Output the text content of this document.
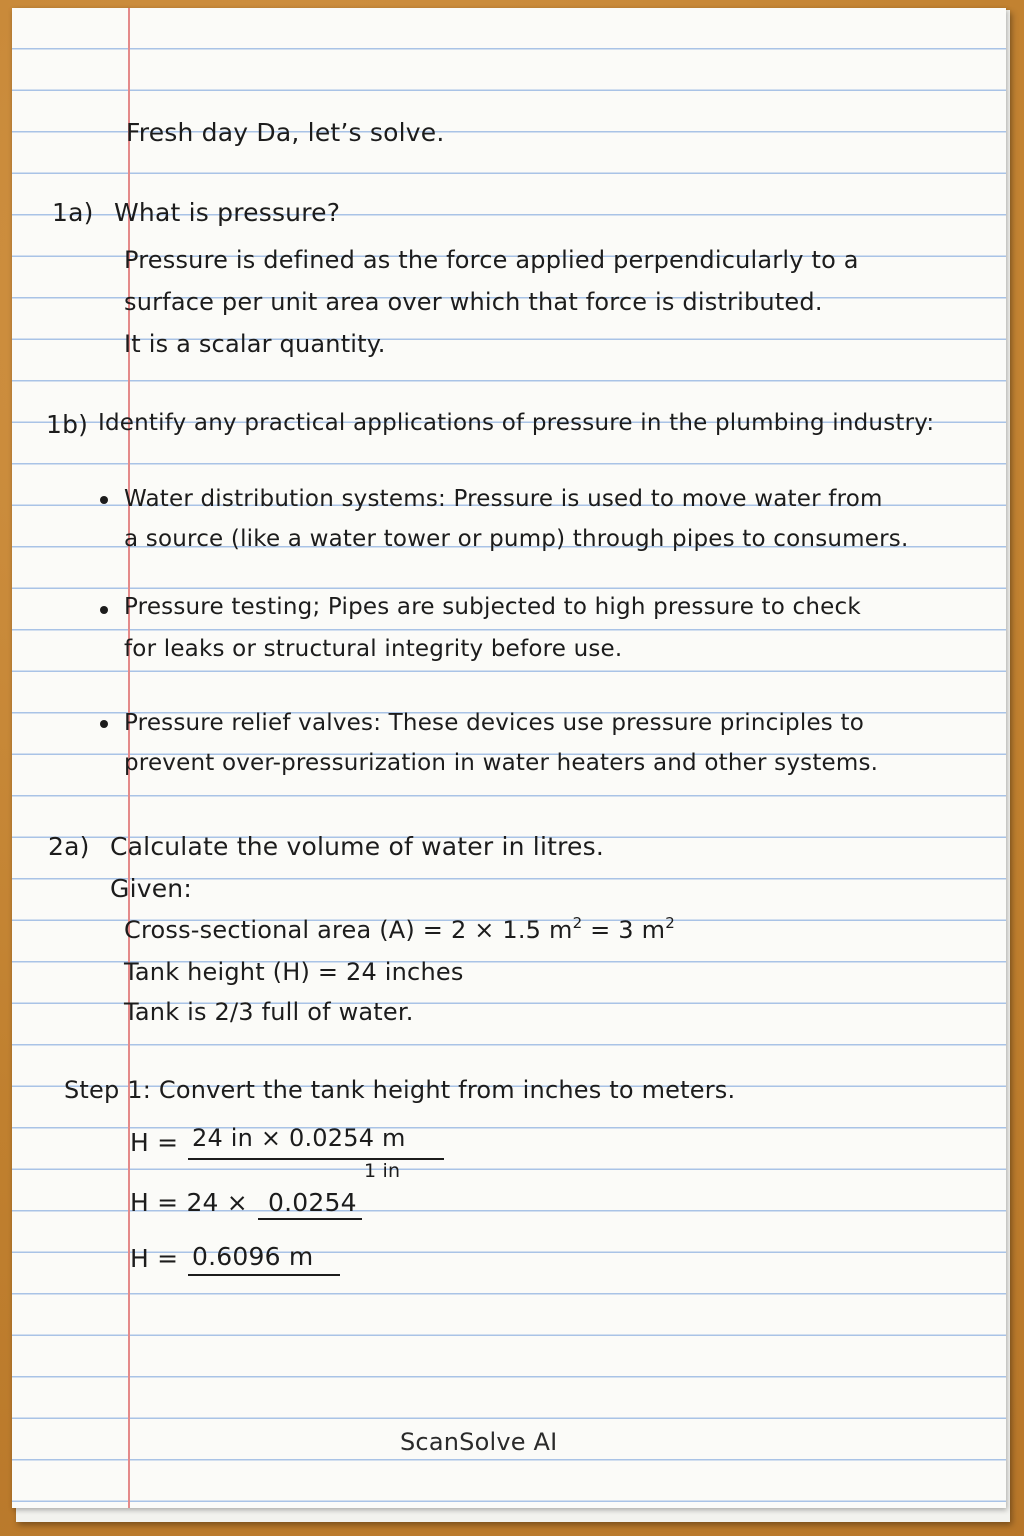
Fresh day Da, let’s solve.
1a) What is pressure?
Pressure is defined as the force applied perpendicularly to a
surface per unit area over which that force is distributed.
It is a scalar quantity.
1b) Identify any practical applications of pressure in the plumbing industry:
Water distribution systems: Pressure is used to move water from
a source (like a water tower or pump) through pipes to consumers.
Pressure testing; Pipes are subjected to high pressure to check
for leaks or structural integrity before use.
Pressure relief valves: These devices use pressure principles to
prevent over-pressurization in water heaters and other systems.
2a) Calculate the volume of water in litres.
Given:
Cross-sectional area (A) = 2 × 1.5 $m^2 = 3$ $m^2$
Tank height (H) = 24 inches
Tank is 2/3 full of water.
Step 1: Convert the tank height from inches to meters.
H = 24 in × 0.0254 m
1 in
H = 24 × 0.0254
H = 0.6096 m
ScanSolve AI
